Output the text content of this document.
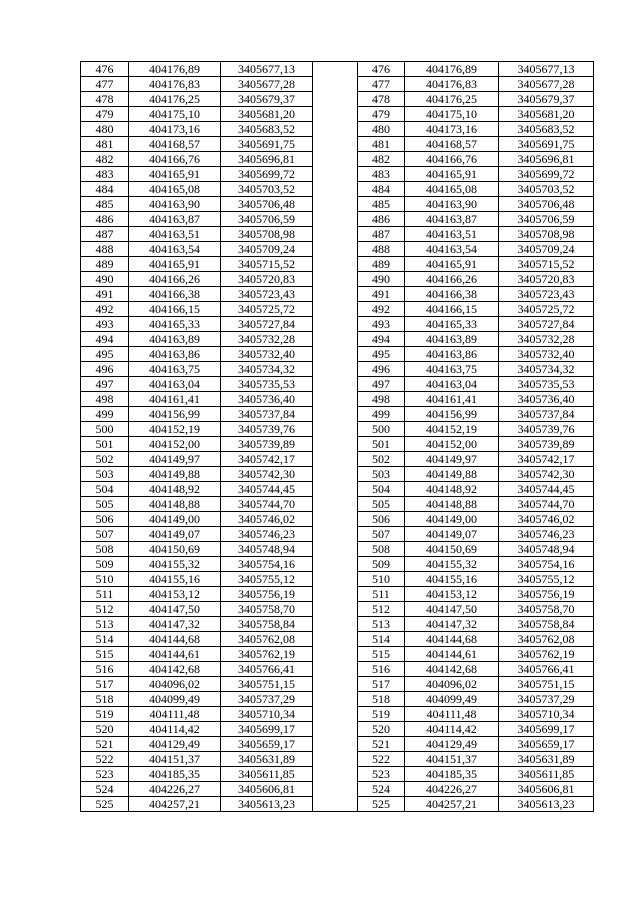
476	404176,89	3405677,13		476	404176,89	3405677,13
477	404176,83	3405677,28		477	404176,83	3405677,28
478	404176,25	3405679,37		478	404176,25	3405679,37
479	404175,10	3405681,20		479	404175,10	3405681,20
480	404173,16	3405683,52		480	404173,16	3405683,52
481	404168,57	3405691,75		481	404168,57	3405691,75
482	404166,76	3405696,81		482	404166,76	3405696,81
483	404165,91	3405699,72		483	404165,91	3405699,72
484	404165,08	3405703,52		484	404165,08	3405703,52
485	404163,90	3405706,48		485	404163,90	3405706,48
486	404163,87	3405706,59		486	404163,87	3405706,59
487	404163,51	3405708,98		487	404163,51	3405708,98
488	404163,54	3405709,24		488	404163,54	3405709,24
489	404165,91	3405715,52		489	404165,91	3405715,52
490	404166,26	3405720,83		490	404166,26	3405720,83
491	404166,38	3405723,43		491	404166,38	3405723,43
492	404166,15	3405725,72		492	404166,15	3405725,72
493	404165,33	3405727,84		493	404165,33	3405727,84
494	404163,89	3405732,28		494	404163,89	3405732,28
495	404163,86	3405732,40		495	404163,86	3405732,40
496	404163,75	3405734,32		496	404163,75	3405734,32
497	404163,04	3405735,53		497	404163,04	3405735,53
498	404161,41	3405736,40		498	404161,41	3405736,40
499	404156,99	3405737,84		499	404156,99	3405737,84
500	404152,19	3405739,76		500	404152,19	3405739,76
501	404152,00	3405739,89		501	404152,00	3405739,89
502	404149,97	3405742,17		502	404149,97	3405742,17
503	404149,88	3405742,30		503	404149,88	3405742,30
504	404148,92	3405744,45		504	404148,92	3405744,45
505	404148,88	3405744,70		505	404148,88	3405744,70
506	404149,00	3405746,02		506	404149,00	3405746,02
507	404149,07	3405746,23		507	404149,07	3405746,23
508	404150,69	3405748,94		508	404150,69	3405748,94
509	404155,32	3405754,16		509	404155,32	3405754,16
510	404155,16	3405755,12		510	404155,16	3405755,12
511	404153,12	3405756,19		511	404153,12	3405756,19
512	404147,50	3405758,70		512	404147,50	3405758,70
513	404147,32	3405758,84		513	404147,32	3405758,84
514	404144,68	3405762,08		514	404144,68	3405762,08
515	404144,61	3405762,19		515	404144,61	3405762,19
516	404142,68	3405766,41		516	404142,68	3405766,41
517	404096,02	3405751,15		517	404096,02	3405751,15
518	404099,49	3405737,29		518	404099,49	3405737,29
519	404111,48	3405710,34		519	404111,48	3405710,34
520	404114,42	3405699,17		520	404114,42	3405699,17
521	404129,49	3405659,17		521	404129,49	3405659,17
522	404151,37	3405631,89		522	404151,37	3405631,89
523	404185,35	3405611,85		523	404185,35	3405611,85
524	404226,27	3405606,81		524	404226,27	3405606,81
525	404257,21	3405613,23		525	404257,21	3405613,23
